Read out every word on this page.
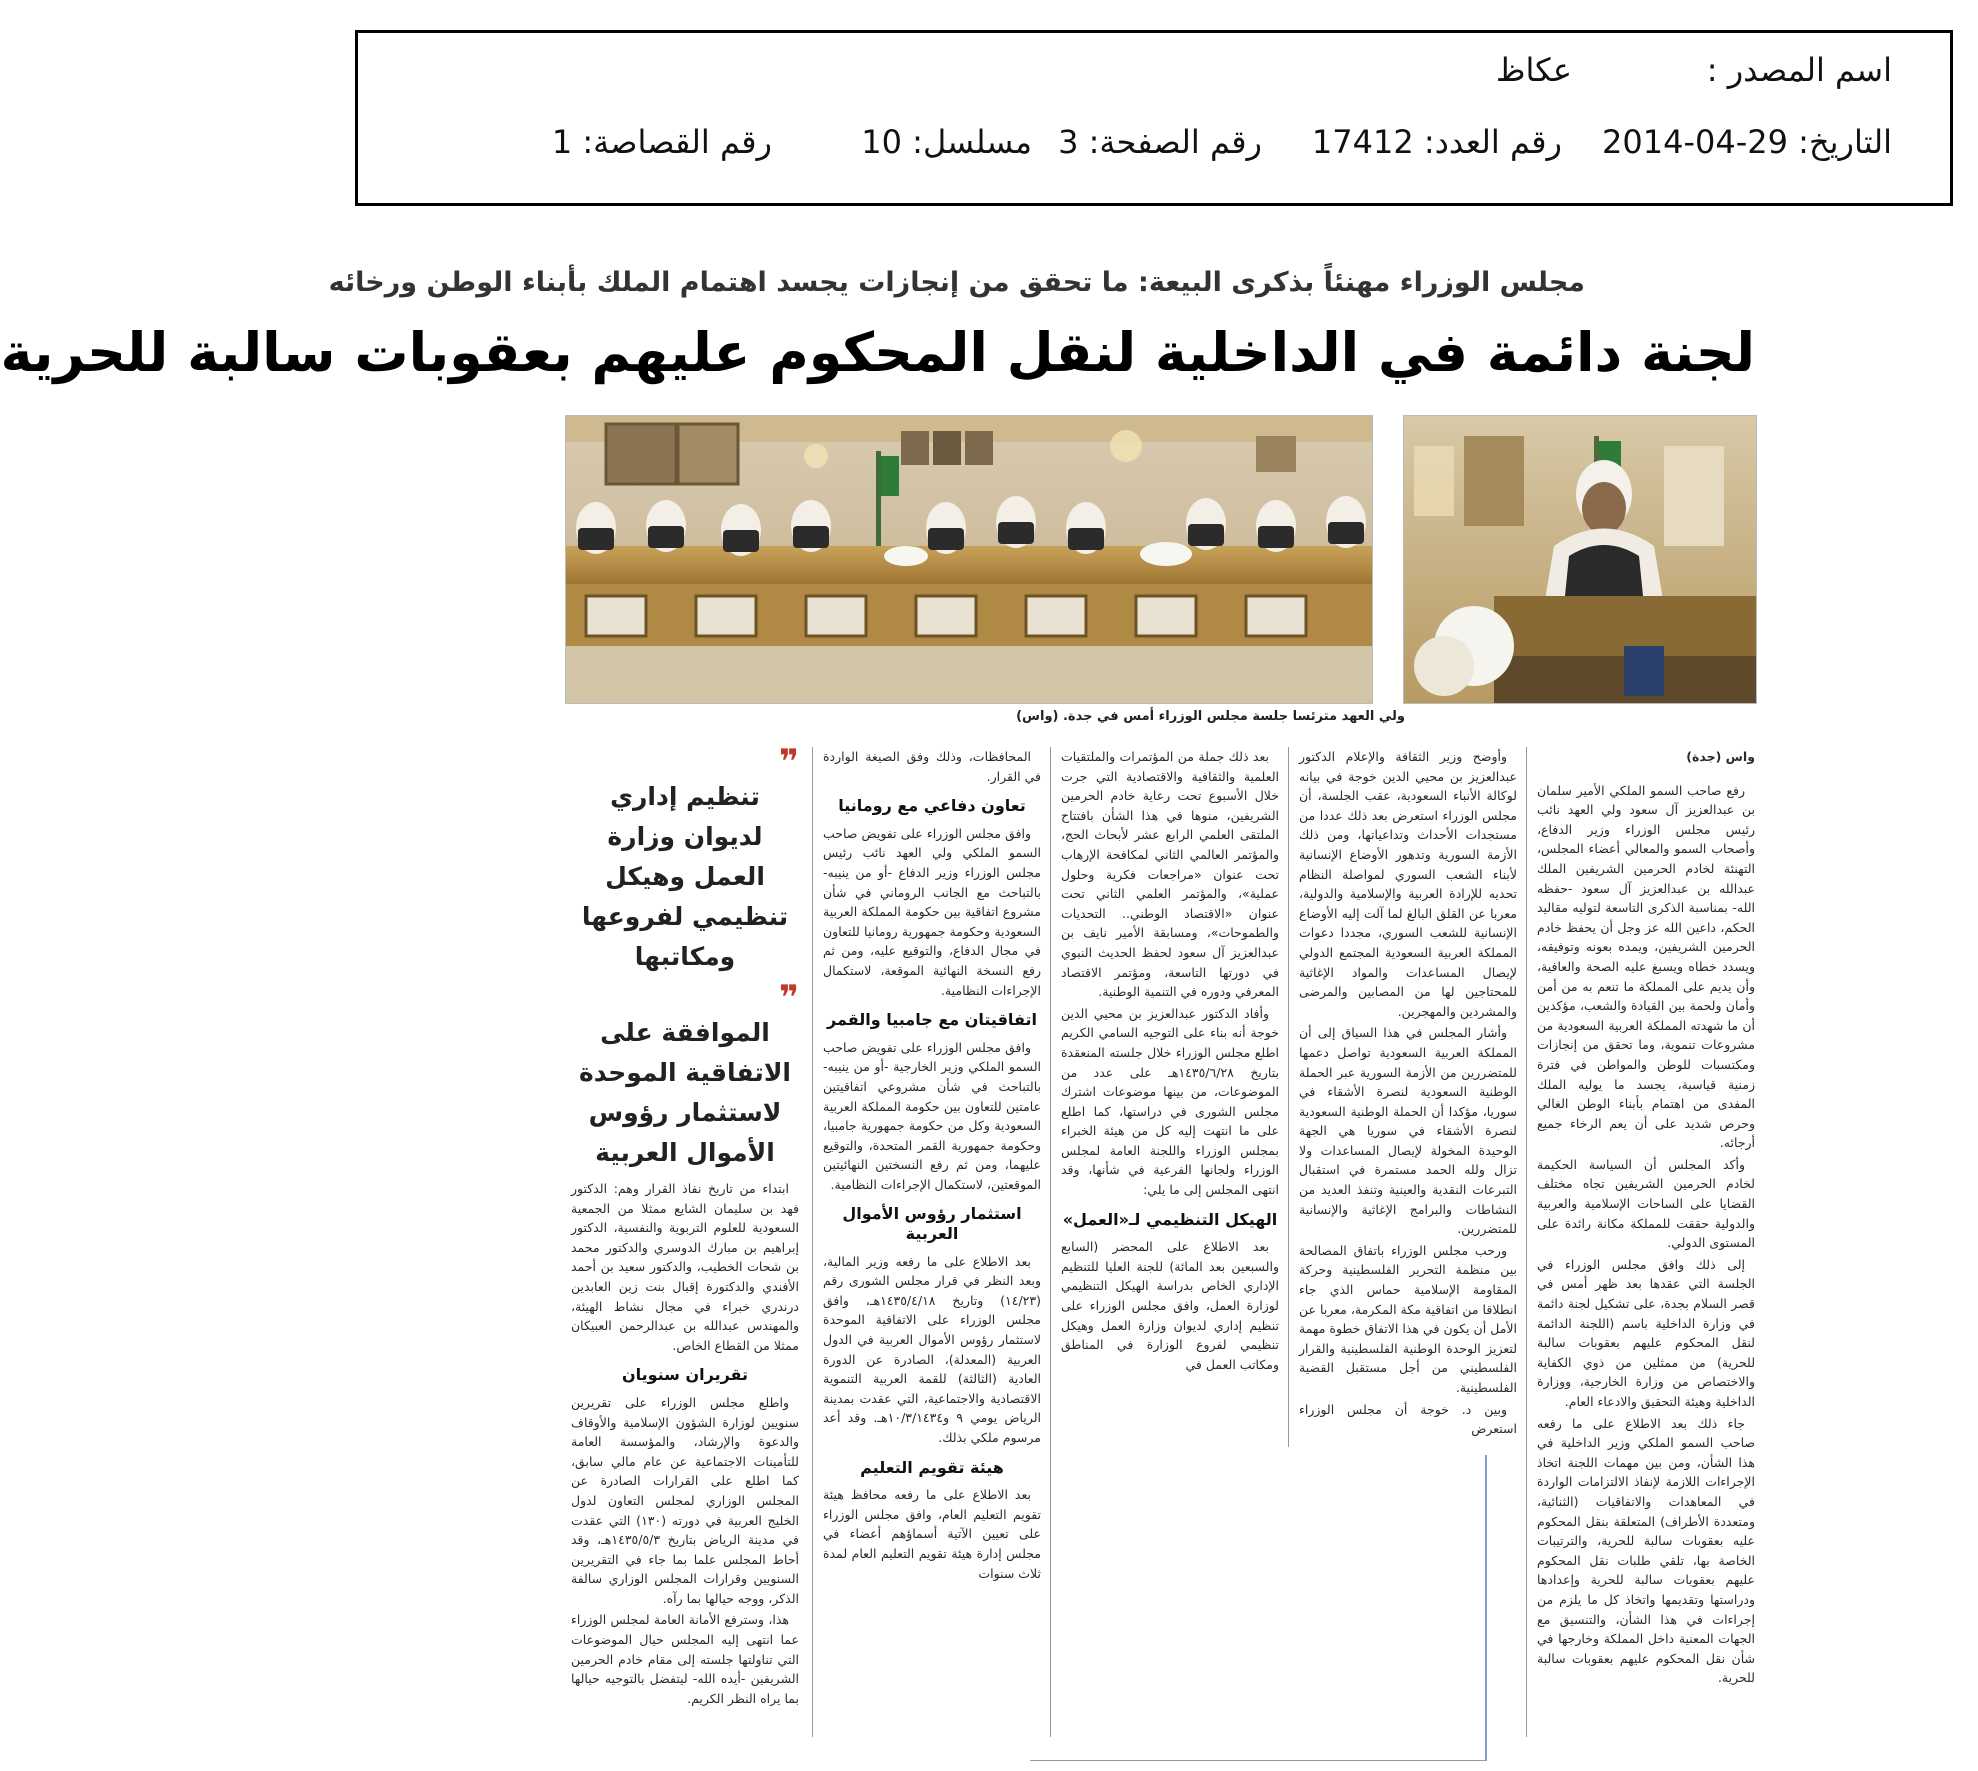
اسم المصدر :
عكاظ
التاريخ: 29-04-2014
رقم العدد: 17412
رقم الصفحة: 3
مسلسل: 10
رقم القصاصة: 1
مجلس الوزراء مهنئاً بذكرى البيعة: ما تحقق من إنجازات يجسد اهتمام الملك بأبناء الوطن ورخائه
لجنة دائمة في الداخلية لنقل المحكوم عليهم بعقوبات سالبة للحرية
ولي العهد مترئسا جلسة مجلس الوزراء أمس في جدة. (واس)
واس (جدة)

رفع صاحب السمو الملكي الأمير سلمان بن عبدالعزيز آل سعود ولي العهد نائب رئيس مجلس الوزراء وزير الدفاع، وأصحاب السمو والمعالي أعضاء المجلس، التهنئة لخادم الحرمين الشريفين الملك عبدالله بن عبدالعزيز آل سعود -حفظه الله- بمناسبة الذكرى التاسعة لتوليه مقاليد الحكم، داعين الله عز وجل أن يحفظ خادم الحرمين الشريفين، ويمده بعونه وتوفيقه، ويسدد خطاه ويسبغ عليه الصحة والعافية، وأن يديم على المملكة ما تنعم به من أمن وأمان ولحمة بين القيادة والشعب، مؤكدين أن ما شهدته المملكة العربية السعودية من مشروعات تنموية، وما تحقق من إنجازات ومكتسبات للوطن والمواطن في فترة زمنية قياسية، يجسد ما يوليه الملك المفدى من اهتمام بأبناء الوطن الغالي وحرص شديد على أن يعم الرخاء جميع أرجائه.

وأكد المجلس أن السياسة الحكيمة لخادم الحرمين الشريفين تجاه مختلف القضايا على الساحات الإسلامية والعربية والدولية حققت للمملكة مكانة رائدة على المستوى الدولي.

إلى ذلك وافق مجلس الوزراء في الجلسة التي عقدها بعد ظهر أمس في قصر السلام بجدة، على تشكيل لجنة دائمة في وزارة الداخلية باسم (اللجنة الدائمة لنقل المحكوم عليهم بعقوبات سالبة للحرية) من ممثلين من ذوي الكفاية والاختصاص من وزارة الخارجية، ووزارة الداخلية وهيئة التحقيق والادعاء العام.

جاء ذلك بعد الاطلاع على ما رفعه صاحب السمو الملكي وزير الداخلية في هذا الشأن، ومن بين مهمات اللجنة اتخاذ الإجراءات اللازمة لإنفاذ الالتزامات الواردة في المعاهدات والاتفاقيات (الثنائية، ومتعددة الأطراف) المتعلقة بنقل المحكوم عليه بعقوبات سالبة للحرية، والترتيبات الخاصة بها، تلقي طلبات نقل المحكوم عليهم بعقوبات سالبة للحرية وإعدادها ودراستها وتقديمها واتخاذ كل ما يلزم من إجراءات في هذا الشأن، والتنسيق مع الجهات المعنية داخل المملكة وخارجها في شأن نقل المحكوم عليهم بعقوبات سالبة للحرية.

وأوضح وزير الثقافة والإعلام الدكتور عبدالعزيز بن محيي الدين خوجة في بيانه لوكالة الأنباء السعودية، عقب الجلسة، أن مجلس الوزراء استعرض بعد ذلك عددا من مستجدات الأحداث وتداعياتها، ومن ذلك الأزمة السورية وتدهور الأوضاع الإنسانية لأبناء الشعب السوري لمواصلة النظام تحديه للإرادة العربية والإسلامية والدولية، معربا عن القلق البالغ لما آلت إليه الأوضاع الإنسانية للشعب السوري، مجددا دعوات المملكة العربية السعودية المجتمع الدولي لإيصال المساعدات والمواد الإغاثية للمحتاجين لها من المصابين والمرضى والمشردين والمهجرين.

وأشار المجلس في هذا السياق إلى أن المملكة العربية السعودية تواصل دعمها للمتضررين من الأزمة السورية عبر الحملة الوطنية السعودية لنصرة الأشقاء في سوريا، مؤكدا أن الحملة الوطنية السعودية لنصرة الأشقاء في سوريا هي الجهة الوحيدة المخولة لإيصال المساعدات ولا تزال ولله الحمد مستمرة في استقبال التبرعات النقدية والعينية وتنفذ العديد من النشاطات والبرامج الإغاثية والإنسانية للمتضررين.

ورحب مجلس الوزراء باتفاق المصالحة بين منظمة التحرير الفلسطينية وحركة المقاومة الإسلامية حماس الذي جاء انطلاقا من اتفاقية مكة المكرمة، معربا عن الأمل أن يكون في هذا الاتفاق خطوة مهمة لتعزيز الوحدة الوطنية الفلسطينية والقرار الفلسطيني من أجل مستقبل القضية الفلسطينية.

وبين د. خوجة أن مجلس الوزراء استعرض

بعد ذلك جملة من المؤتمرات والملتقيات العلمية والثقافية والاقتصادية التي جرت خلال الأسبوع تحت رعاية خادم الحرمين الشريفين، منوها في هذا الشأن بافتتاح الملتقى العلمي الرابع عشر لأبحاث الحج، والمؤتمر العالمي الثاني لمكافحة الإرهاب تحت عنوان «مراجعات فكرية وحلول عملية»، والمؤتمر العلمي الثاني تحت عنوان «الاقتصاد الوطني.. التحديات والطموحات»، ومسابقة الأمير نايف بن عبدالعزيز آل سعود لحفظ الحديث النبوي في دورتها التاسعة، ومؤتمر الاقتصاد المعرفي ودوره في التنمية الوطنية.

وأفاد الدكتور عبدالعزيز بن محيي الدين خوجة أنه بناء على التوجيه السامي الكريم اطلع مجلس الوزراء خلال جلسته المنعقدة بتاريخ ١٤٣٥/٦/٢٨هـ على عدد من الموضوعات، من بينها موضوعات اشترك مجلس الشورى في دراستها، كما اطلع على ما انتهت إليه كل من هيئة الخبراء بمجلس الوزراء واللجنة العامة لمجلس الوزراء ولجانها الفرعية في شأنها، وقد انتهى المجلس إلى ما يلي:

الهيكل التنظيمي لـ«العمل»

بعد الاطلاع على المحضر (السابع والسبعين بعد المائة) للجنة العليا للتنظيم الإداري الخاص بدراسة الهيكل التنظيمي لوزارة العمل، وافق مجلس الوزراء على تنظيم إداري لديوان وزارة العمل وهيكل تنظيمي لفروع الوزارة في المناطق ومكاتب العمل في

المحافظات، وذلك وفق الصيغة الواردة في القرار.

تعاون دفاعي مع رومانيا

وافق مجلس الوزراء على تفويض صاحب السمو الملكي ولي العهد نائب رئيس مجلس الوزراء وزير الدفاع -أو من ينيبه- بالتباحث مع الجانب الروماني في شأن مشروع اتفاقية بين حكومة المملكة العربية السعودية وحكومة جمهورية رومانيا للتعاون في مجال الدفاع، والتوقيع عليه، ومن ثم رفع النسخة النهائية الموقعة، لاستكمال الإجراءات النظامية.

اتفاقيتان مع جامبيا والقمر

وافق مجلس الوزراء على تفويض صاحب السمو الملكي وزير الخارجية -أو من ينيبه- بالتباحث في شأن مشروعي اتفاقيتين عامتين للتعاون بين حكومة المملكة العربية السعودية وكل من حكومة جمهورية جامبيا، وحكومة جمهورية القمر المتحدة، والتوقيع عليهما، ومن ثم رفع النسختين النهائيتين الموقعتين، لاستكمال الإجراءات النظامية.

استثمار رؤوس الأموال العربية

بعد الاطلاع على ما رفعه وزير المالية، وبعد النظر في قرار مجلس الشورى رقم (١٤/٢٣) وتاريخ ١٤٣٥/٤/١٨هـ، وافق مجلس الوزراء على الاتفاقية الموحدة لاستثمار رؤوس الأموال العربية في الدول العربية (المعدلة)، الصادرة عن الدورة العادية (الثالثة) للقمة العربية التنموية الاقتصادية والاجتماعية، التي عقدت بمدينة الرياض يومي ٩ و١٠/٣/١٤٣٤هـ. وقد أعد مرسوم ملكي بذلك.

هيئة تقويم التعليم

بعد الاطلاع على ما رفعه محافظ هيئة تقويم التعليم العام، وافق مجلس الوزراء على تعيين الآتية أسماؤهم أعضاء في مجلس إدارة هيئة تقويم التعليم العام لمدة ثلاث سنوات

❞
تنظيم إداري لديوان وزارة العمل وهيكل تنظيمي لفروعها ومكاتبها
❞
الموافقة على الاتفاقية الموحدة لاستثمار رؤوس الأموال العربية

ابتداء من تاريخ نفاذ القرار وهم: الدكتور فهد بن سليمان الشايع ممثلا من الجمعية السعودية للعلوم التربوية والنفسية، الدكتور إبراهيم بن مبارك الدوسري والدكتور محمد بن شحات الخطيب، والدكتور سعيد بن أحمد الأفندي والدكتورة إقبال بنت زين العابدين درندري خبراء في مجال نشاط الهيئة، والمهندس عبدالله بن عبدالرحمن العبيكان ممثلا من القطاع الخاص.

تقريران سنويان

واطلع مجلس الوزراء على تقريرين سنويين لوزارة الشؤون الإسلامية والأوقاف والدعوة والإرشاد، والمؤسسة العامة للتأمينات الاجتماعية عن عام مالي سابق، كما اطلع على القرارات الصادرة عن المجلس الوزاري لمجلس التعاون لدول الخليج العربية في دورته (١٣٠) التي عقدت في مدينة الرياض بتاريخ ١٤٣٥/٥/٣هـ، وقد أحاط المجلس علما بما جاء في التقريرين السنويين وقرارات المجلس الوزاري سالفة الذكر، ووجه حيالها بما رآه.

هذا، وسترفع الأمانة العامة لمجلس الوزراء عما انتهى إليه المجلس حيال الموضوعات التي تناولتها جلسته إلى مقام خادم الحرمين الشريفين -أيده الله- ليتفضل بالتوجيه حيالها بما يراه النظر الكريم.
